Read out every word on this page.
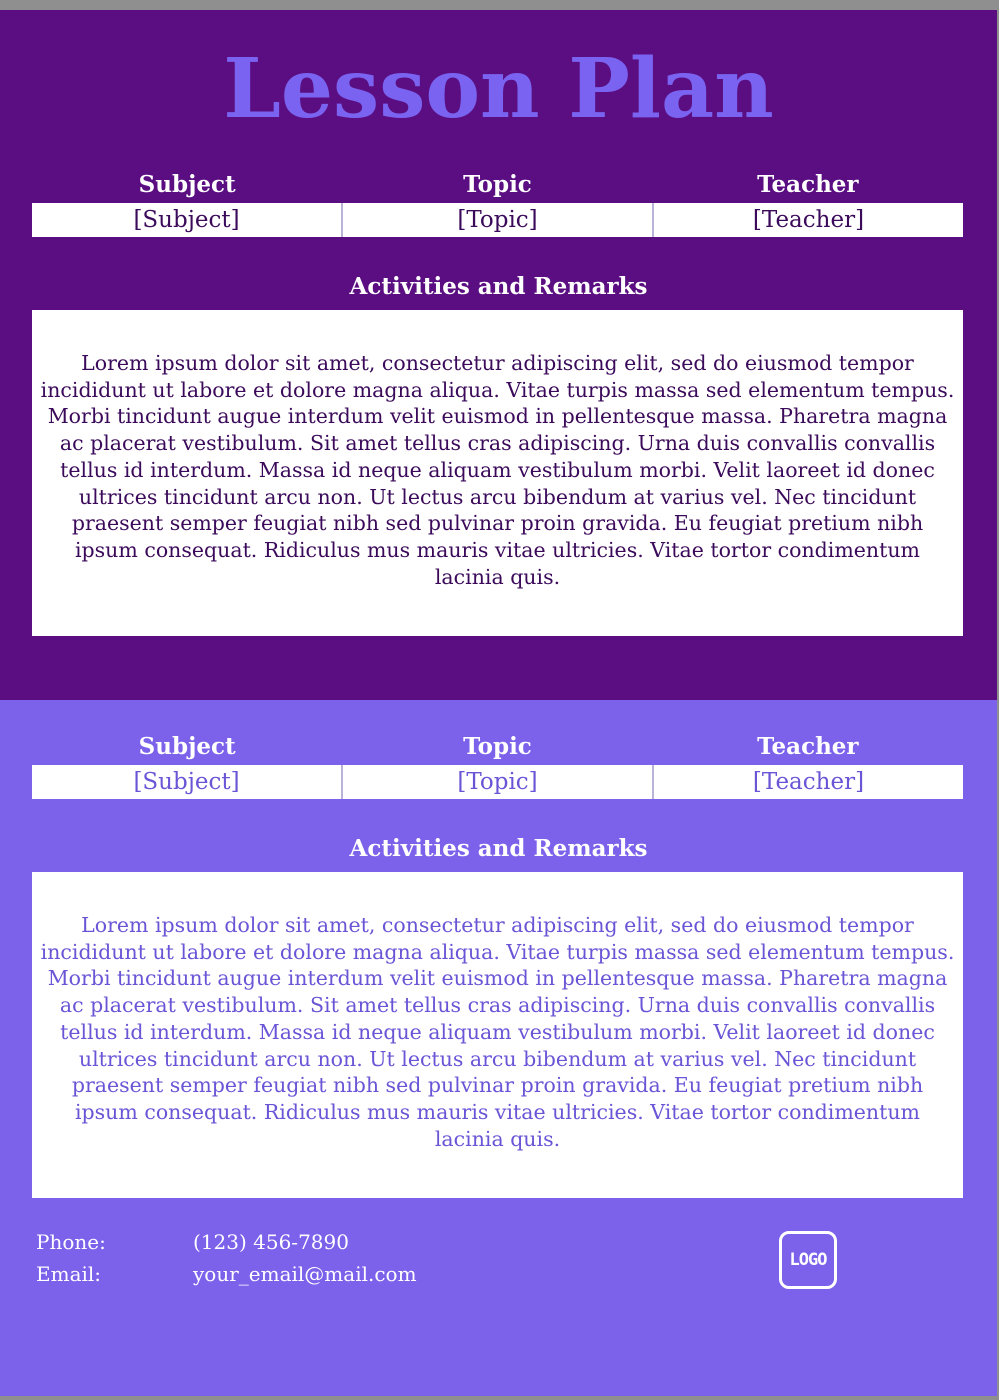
Lesson Plan
Subject	Topic	Teacher
[Subject]	[Topic]	[Teacher]
Activities and Remarks
Lorem ipsum dolor sit amet, consectetur adipiscing elit, sed do eiusmod tempor incididunt ut labore et dolore magna aliqua. Vitae turpis massa sed elementum tempus. Morbi tincidunt augue interdum velit euismod in pellentesque massa. Pharetra magna ac placerat vestibulum. Sit amet tellus cras adipiscing. Urna duis convallis convallis tellus id interdum. Massa id neque aliquam vestibulum morbi. Velit laoreet id donec ultrices tincidunt arcu non. Ut lectus arcu bibendum at varius vel. Nec tincidunt praesent semper feugiat nibh sed pulvinar proin gravida. Eu feugiat pretium nibh ipsum consequat. Ridiculus mus mauris vitae ultricies. Vitae tortor condimentum lacinia quis.
Subject	Topic	Teacher
[Subject]	[Topic]	[Teacher]
Activities and Remarks
Lorem ipsum dolor sit amet, consectetur adipiscing elit, sed do eiusmod tempor incididunt ut labore et dolore magna aliqua. Vitae turpis massa sed elementum tempus. Morbi tincidunt augue interdum velit euismod in pellentesque massa. Pharetra magna ac placerat vestibulum. Sit amet tellus cras adipiscing. Urna duis convallis convallis tellus id interdum. Massa id neque aliquam vestibulum morbi. Velit laoreet id donec ultrices tincidunt arcu non. Ut lectus arcu bibendum at varius vel. Nec tincidunt praesent semper feugiat nibh sed pulvinar proin gravida. Eu feugiat pretium nibh ipsum consequat. Ridiculus mus mauris vitae ultricies. Vitae tortor condimentum lacinia quis.
Phone:	(123) 456-7890
Email:	your_email@mail.com
LOGO
